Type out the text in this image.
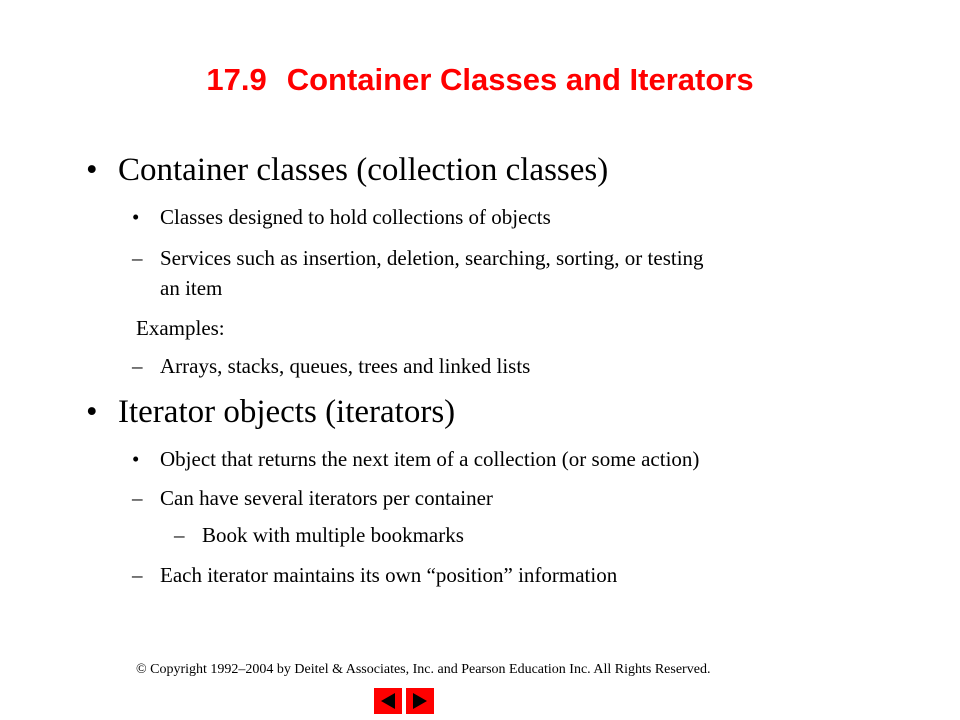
17.9 Container Classes and Iterators
• Container classes (collection classes)
• Classes designed to hold collections of objects
– Services such as insertion, deletion, searching, sorting, or testing
an item
Examples:
– Arrays, stacks, queues, trees and linked lists
• Iterator objects (iterators)
• Object that returns the next item of a collection (or some action)
– Can have several iterators per container
– Book with multiple bookmarks
– Each iterator maintains its own “position” information
© Copyright 1992–2004 by Deitel & Associates, Inc. and Pearson Education Inc. All Rights Reserved.
